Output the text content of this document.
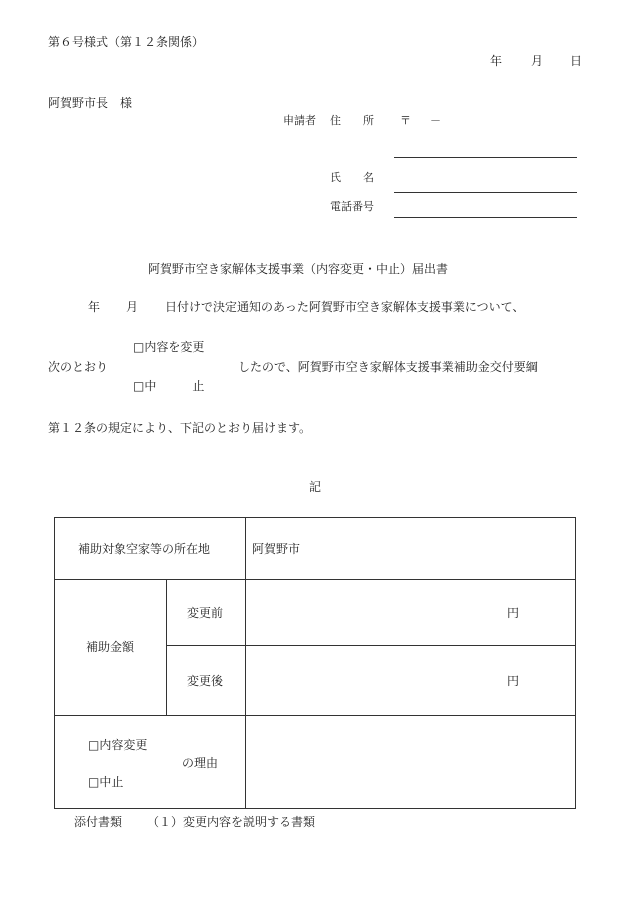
第６号様式（第１２条関係）
年 月 日
阿賀野市長　様
申請者 住　　所 〒 －
氏　　名
電話番号
阿賀野市空き家解体支援事業（内容変更・中止）届出書
年 月 日付けで決定通知のあった阿賀野市空き家解体支援事業について、
□内容を変更
次のとおり	したので、阿賀野市空き家解体支援事業補助金交付要綱
□中　　　止
第１２条の規定により、下記のとおり届けます。
記
補助対象空家等の所在地	阿賀野市
補助金額
変更前	円
変更後	円
□内容変更
の理由
□中止
添付書類 （１）変更内容を説明する書類
